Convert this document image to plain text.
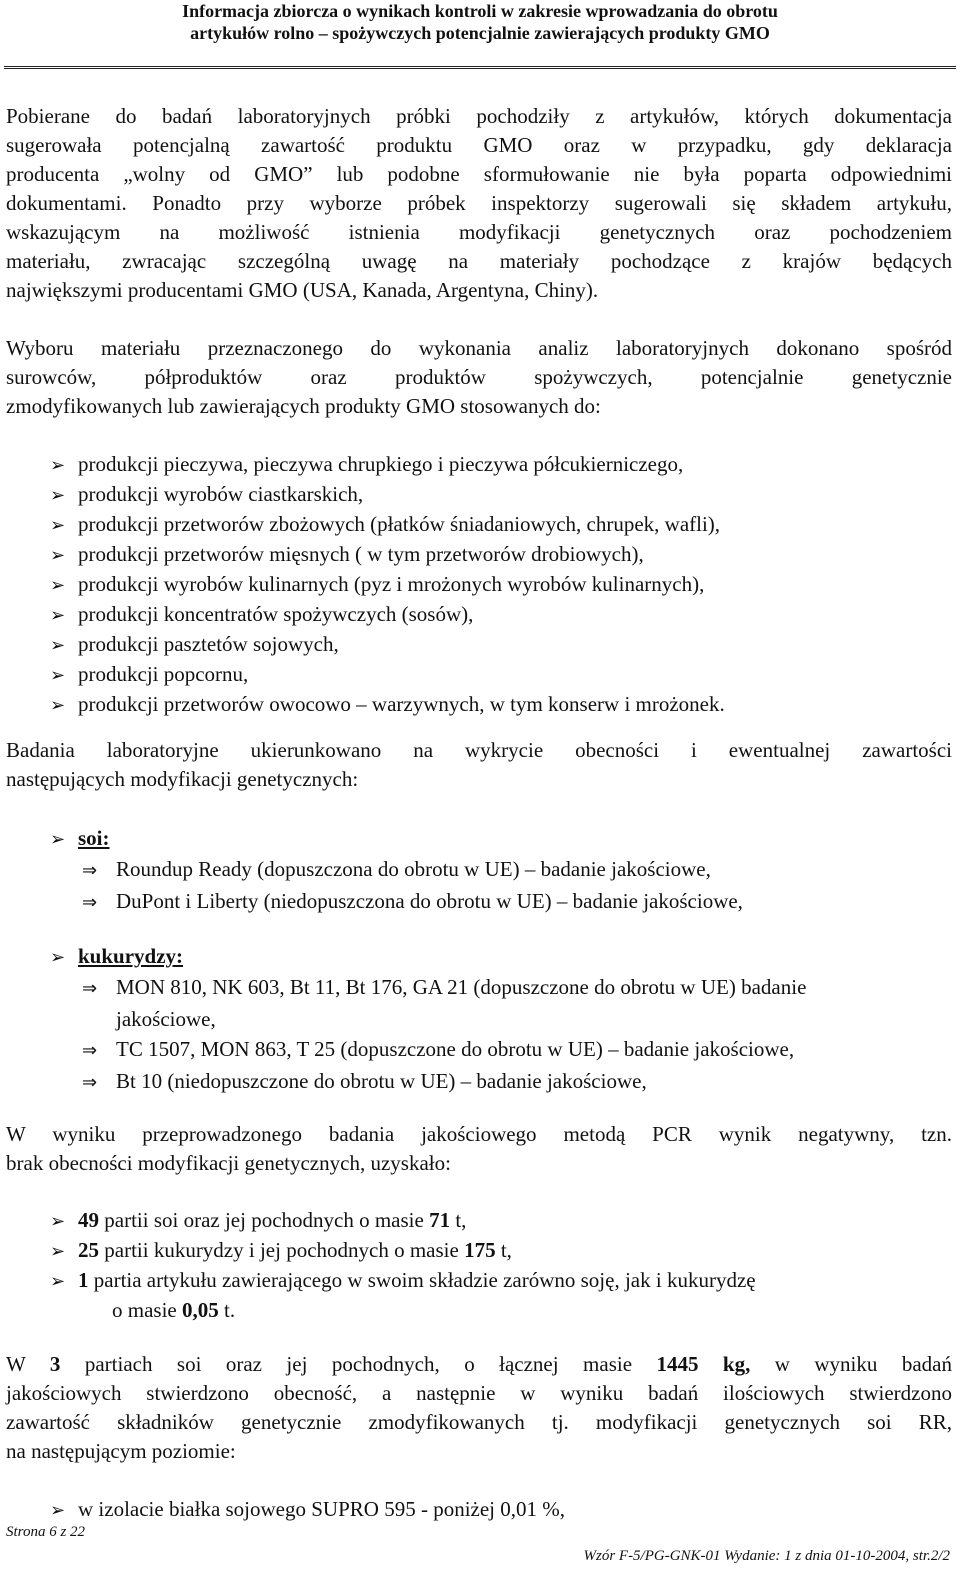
Informacja zbiorcza o wynikach kontroli w zakresie wprowadzania do obrotu
artykułów rolno – spożywczych potencjalnie zawierających produkty GMO
Pobierane do badań laboratoryjnych próbki pochodziły z artykułów, których dokumentacja
sugerowała potencjalną zawartość produktu GMO oraz w przypadku, gdy deklaracja
producenta „wolny od GMO” lub podobne sformułowanie nie była poparta odpowiednimi
dokumentami. Ponadto przy wyborze próbek inspektorzy sugerowali się składem artykułu,
wskazującym na możliwość istnienia modyfikacji genetycznych oraz pochodzeniem
materiału, zwracając szczególną uwagę na materiały pochodzące z krajów będących
największymi producentami GMO (USA, Kanada, Argentyna, Chiny).
Wyboru materiału przeznaczonego do wykonania analiz laboratoryjnych dokonano spośród
surowców, półproduktów oraz produktów spożywczych, potencjalnie genetycznie
zmodyfikowanych lub zawierających produkty GMO stosowanych do:
➢ produkcji pieczywa, pieczywa chrupkiego i pieczywa półcukierniczego,
➢ produkcji wyrobów ciastkarskich,
➢ produkcji przetworów zbożowych (płatków śniadaniowych, chrupek, wafli),
➢ produkcji przetworów mięsnych ( w tym przetworów drobiowych),
➢ produkcji wyrobów kulinarnych (pyz i mrożonych wyrobów kulinarnych),
➢ produkcji koncentratów spożywczych (sosów),
➢ produkcji pasztetów sojowych,
➢ produkcji popcornu,
➢ produkcji przetworów owocowo – warzywnych, w tym konserw i mrożonek.
Badania laboratoryjne ukierunkowano na wykrycie obecności i ewentualnej zawartości
następujących modyfikacji genetycznych:
➢ soi:
⇒ Roundup Ready (dopuszczona do obrotu w UE) – badanie jakościowe,
⇒ DuPont i Liberty (niedopuszczona do obrotu w UE) – badanie jakościowe,
➢ kukurydzy:
⇒ MON 810, NK 603, Bt 11, Bt 176, GA 21 (dopuszczone do obrotu w UE) badanie
jakościowe,
⇒ TC 1507, MON 863, T 25 (dopuszczone do obrotu w UE) – badanie jakościowe,
⇒ Bt 10 (niedopuszczone do obrotu w UE) – badanie jakościowe,
W wyniku przeprowadzonego badania jakościowego metodą PCR wynik negatywny, tzn.
brak obecności modyfikacji genetycznych, uzyskało:
➢ 49 partii soi oraz jej pochodnych o masie 71 t,
➢ 25 partii kukurydzy i jej pochodnych o masie 175 t,
➢ 1 partia artykułu zawierającego w swoim składzie zarówno soję, jak i kukurydzę
o masie 0,05 t.
W 3 partiach soi oraz jej pochodnych, o łącznej masie 1445 kg, w wyniku badań
jakościowych stwierdzono obecność, a następnie w wyniku badań ilościowych stwierdzono
zawartość składników genetycznie zmodyfikowanych tj. modyfikacji genetycznych soi RR,
na następującym poziomie:
➢ w izolacie białka sojowego SUPRO 595 - poniżej 0,01 %,
Strona 6 z 22
Wzór F-5/PG-GNK-01 Wydanie: 1 z dnia 01-10-2004, str.2/2
